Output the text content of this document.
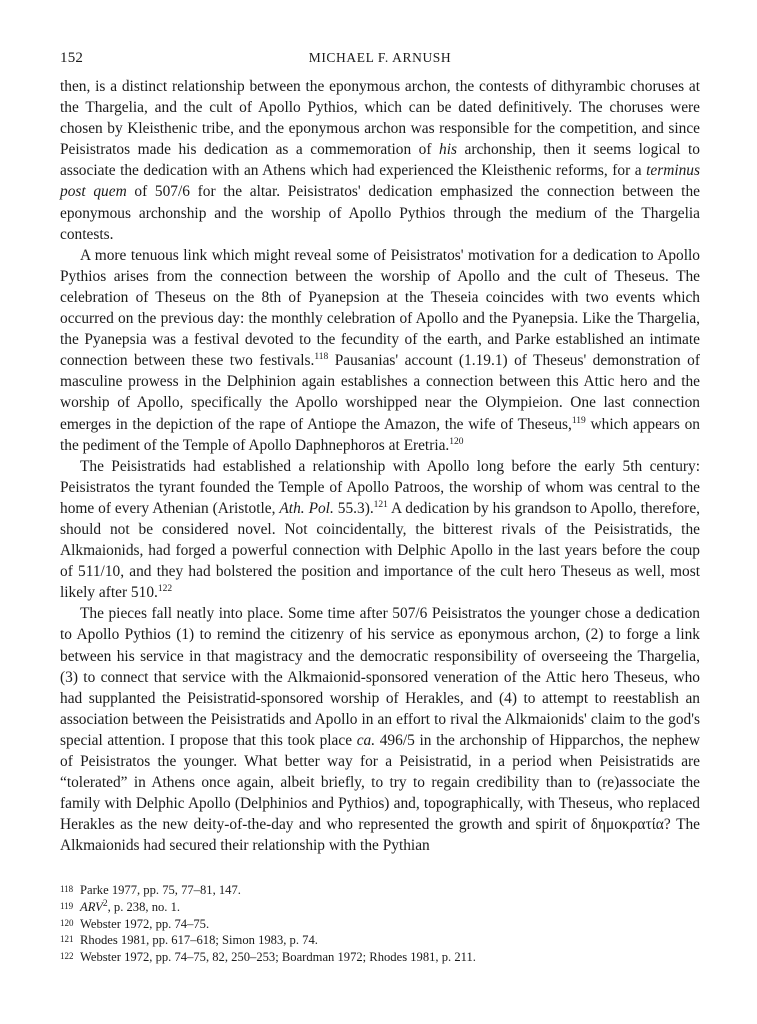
152	MICHAEL F. ARNUSH

then, is a distinct relationship between the eponymous archon, the contests of dithyrambic choruses at the Thargelia, and the cult of Apollo Pythios, which can be dated definitively. The choruses were chosen by Kleisthenic tribe, and the eponymous archon was responsible for the competition, and since Peisistratos made his dedication as a commemoration of his archonship, then it seems logical to associate the dedication with an Athens which had experienced the Kleisthenic reforms, for a terminus post quem of 507/6 for the altar. Peisistratos' dedication emphasized the connection between the eponymous archonship and the worship of Apollo Pythios through the medium of the Thargelia contests.

A more tenuous link which might reveal some of Peisistratos' motivation for a dedication to Apollo Pythios arises from the connection between the worship of Apollo and the cult of Theseus. The celebration of Theseus on the 8th of Pyanepsion at the Theseia coincides with two events which occurred on the previous day: the monthly celebration of Apollo and the Pyanepsia. Like the Thargelia, the Pyanepsia was a festival devoted to the fecundity of the earth, and Parke established an intimate connection between these two festivals.$^{118}$ Pausanias' account (1.19.1) of Theseus' demonstration of masculine prowess in the Delphinion again establishes a connection between this Attic hero and the worship of Apollo, specifically the Apollo worshipped near the Olympieion. One last connection emerges in the depiction of the rape of Antiope the Amazon, the wife of Theseus,$^{119}$ which appears on the pediment of the Temple of Apollo Daphnephoros at Eretria.$^{120}$

The Peisistratids had established a relationship with Apollo long before the early 5th century: Peisistratos the tyrant founded the Temple of Apollo Patroos, the worship of whom was central to the home of every Athenian (Aristotle, Ath. Pol. 55.3).$^{121}$ A dedication by his grandson to Apollo, therefore, should not be considered novel. Not coincidentally, the bitterest rivals of the Peisistratids, the Alkmaionids, had forged a powerful connection with Delphic Apollo in the last years before the coup of 511/10, and they had bolstered the position and importance of the cult hero Theseus as well, most likely after 510.$^{122}$

The pieces fall neatly into place. Some time after 507/6 Peisistratos the younger chose a dedication to Apollo Pythios (1) to remind the citizenry of his service as eponymous archon, (2) to forge a link between his service in that magistracy and the democratic responsibility of overseeing the Thargelia, (3) to connect that service with the Alkmaionid-sponsored veneration of the Attic hero Theseus, who had supplanted the Peisistratid-sponsored worship of Herakles, and (4) to attempt to reestablish an association between the Peisistratids and Apollo in an effort to rival the Alkmaionids' claim to the god's special attention. I propose that this took place ca. 496/5 in the archonship of Hipparchos, the nephew of Peisistratos the younger. What better way for a Peisistratid, in a period when Peisistratids are “tolerated” in Athens once again, albeit briefly, to try to regain credibility than to (re)associate the family with Delphic Apollo (Delphinios and Pythios) and, topographically, with Theseus, who replaced Herakles as the new deity-of-the-day and who represented the growth and spirit of δημοκρατία? The Alkmaionids had secured their relationship with the Pythian

118 Parke 1977, pp. 75, 77–81, 147.
119 ARV$^2$, p. 238, no. 1.
120 Webster 1972, pp. 74–75.
121 Rhodes 1981, pp. 617–618; Simon 1983, p. 74.
122 Webster 1972, pp. 74–75, 82, 250–253; Boardman 1972; Rhodes 1981, p. 211.
